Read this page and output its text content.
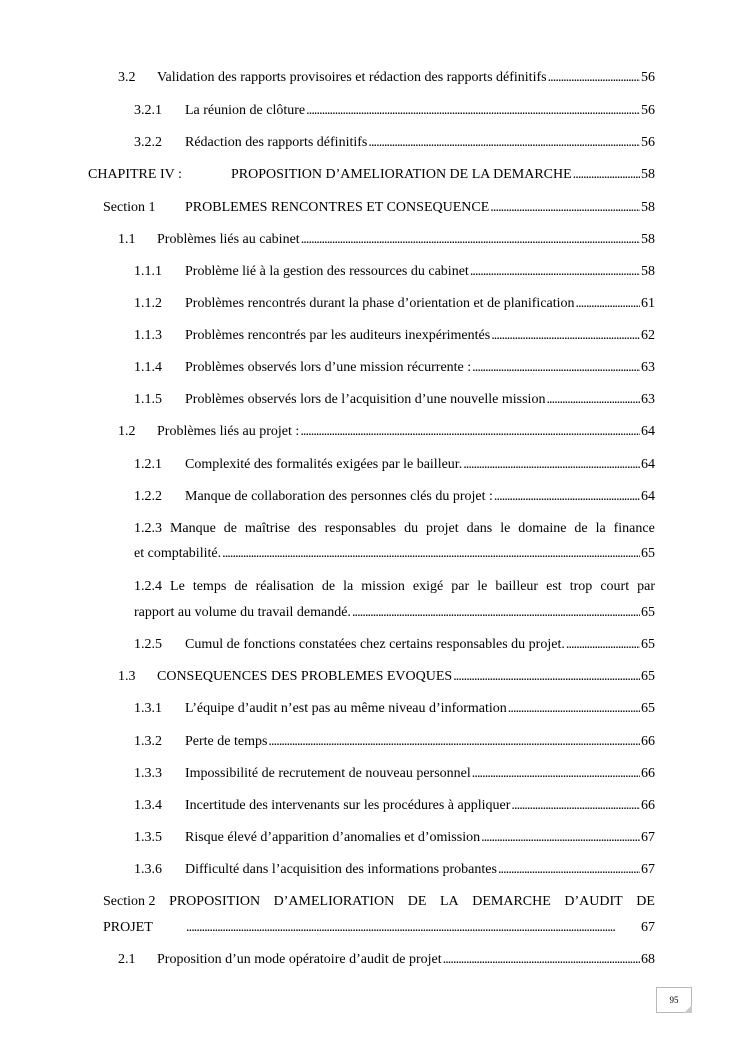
3.2	Validation des rapports provisoires et rédaction des rapports définitifs . . .	56
3.2.1	La réunion de clôture . . .	56
3.2.2	Rédaction des rapports définitifs . . .	56
CHAPITRE IV :	PROPOSITION D’AMELIORATION DE LA DEMARCHE . . .	58
Section 1	PROBLEMES RENCONTRES ET CONSEQUENCE . . .	58
1.1	Problèmes liés au cabinet . . .	58
1.1.1	Problème lié à la gestion des ressources du cabinet . . .	58
1.1.2	Problèmes rencontrés durant la phase d’orientation et de planification . . .	61
1.1.3	Problèmes rencontrés par les auditeurs inexpérimentés . . .	62
1.1.4	Problèmes observés lors d’une mission récurrente : . . .	63
1.1.5	Problèmes observés lors de l’acquisition d’une nouvelle mission . . .	63
1.2	Problèmes liés au projet : . . .	64
1.2.1	Complexité des formalités exigées par le bailleur. . . .	64
1.2.2	Manque de collaboration des personnes clés du projet : . . .	64
1.2.3 Manque de maîtrise des responsables du projet dans le domaine de la finance
et comptabilité. . . .	65
1.2.4 Le temps de réalisation de la mission exigé par le bailleur est trop court par
rapport au volume du travail demandé. . . .	65
1.2.5	Cumul de fonctions constatées chez certains responsables du projet. . . .	65
1.3	CONSEQUENCES DES PROBLEMES EVOQUES . . .	65
1.3.1	L’équipe d’audit n’est pas au même niveau d’information . . .	65
1.3.2	Perte de temps . . .	66
1.3.3	Impossibilité de recrutement de nouveau personnel . . .	66
1.3.4	Incertitude des intervenants sur les procédures à appliquer . . .	66
1.3.5	Risque élevé d’apparition d’anomalies et d’omission . . .	67
1.3.6	Difficulté dans l’acquisition des informations probantes . . .	67
Section 2 PROPOSITION D’AMELIORATION DE LA DEMARCHE D’AUDIT DE
PROJET . . .	67
2.1	Proposition d’un mode opératoire d’audit de projet . . .	68
95
